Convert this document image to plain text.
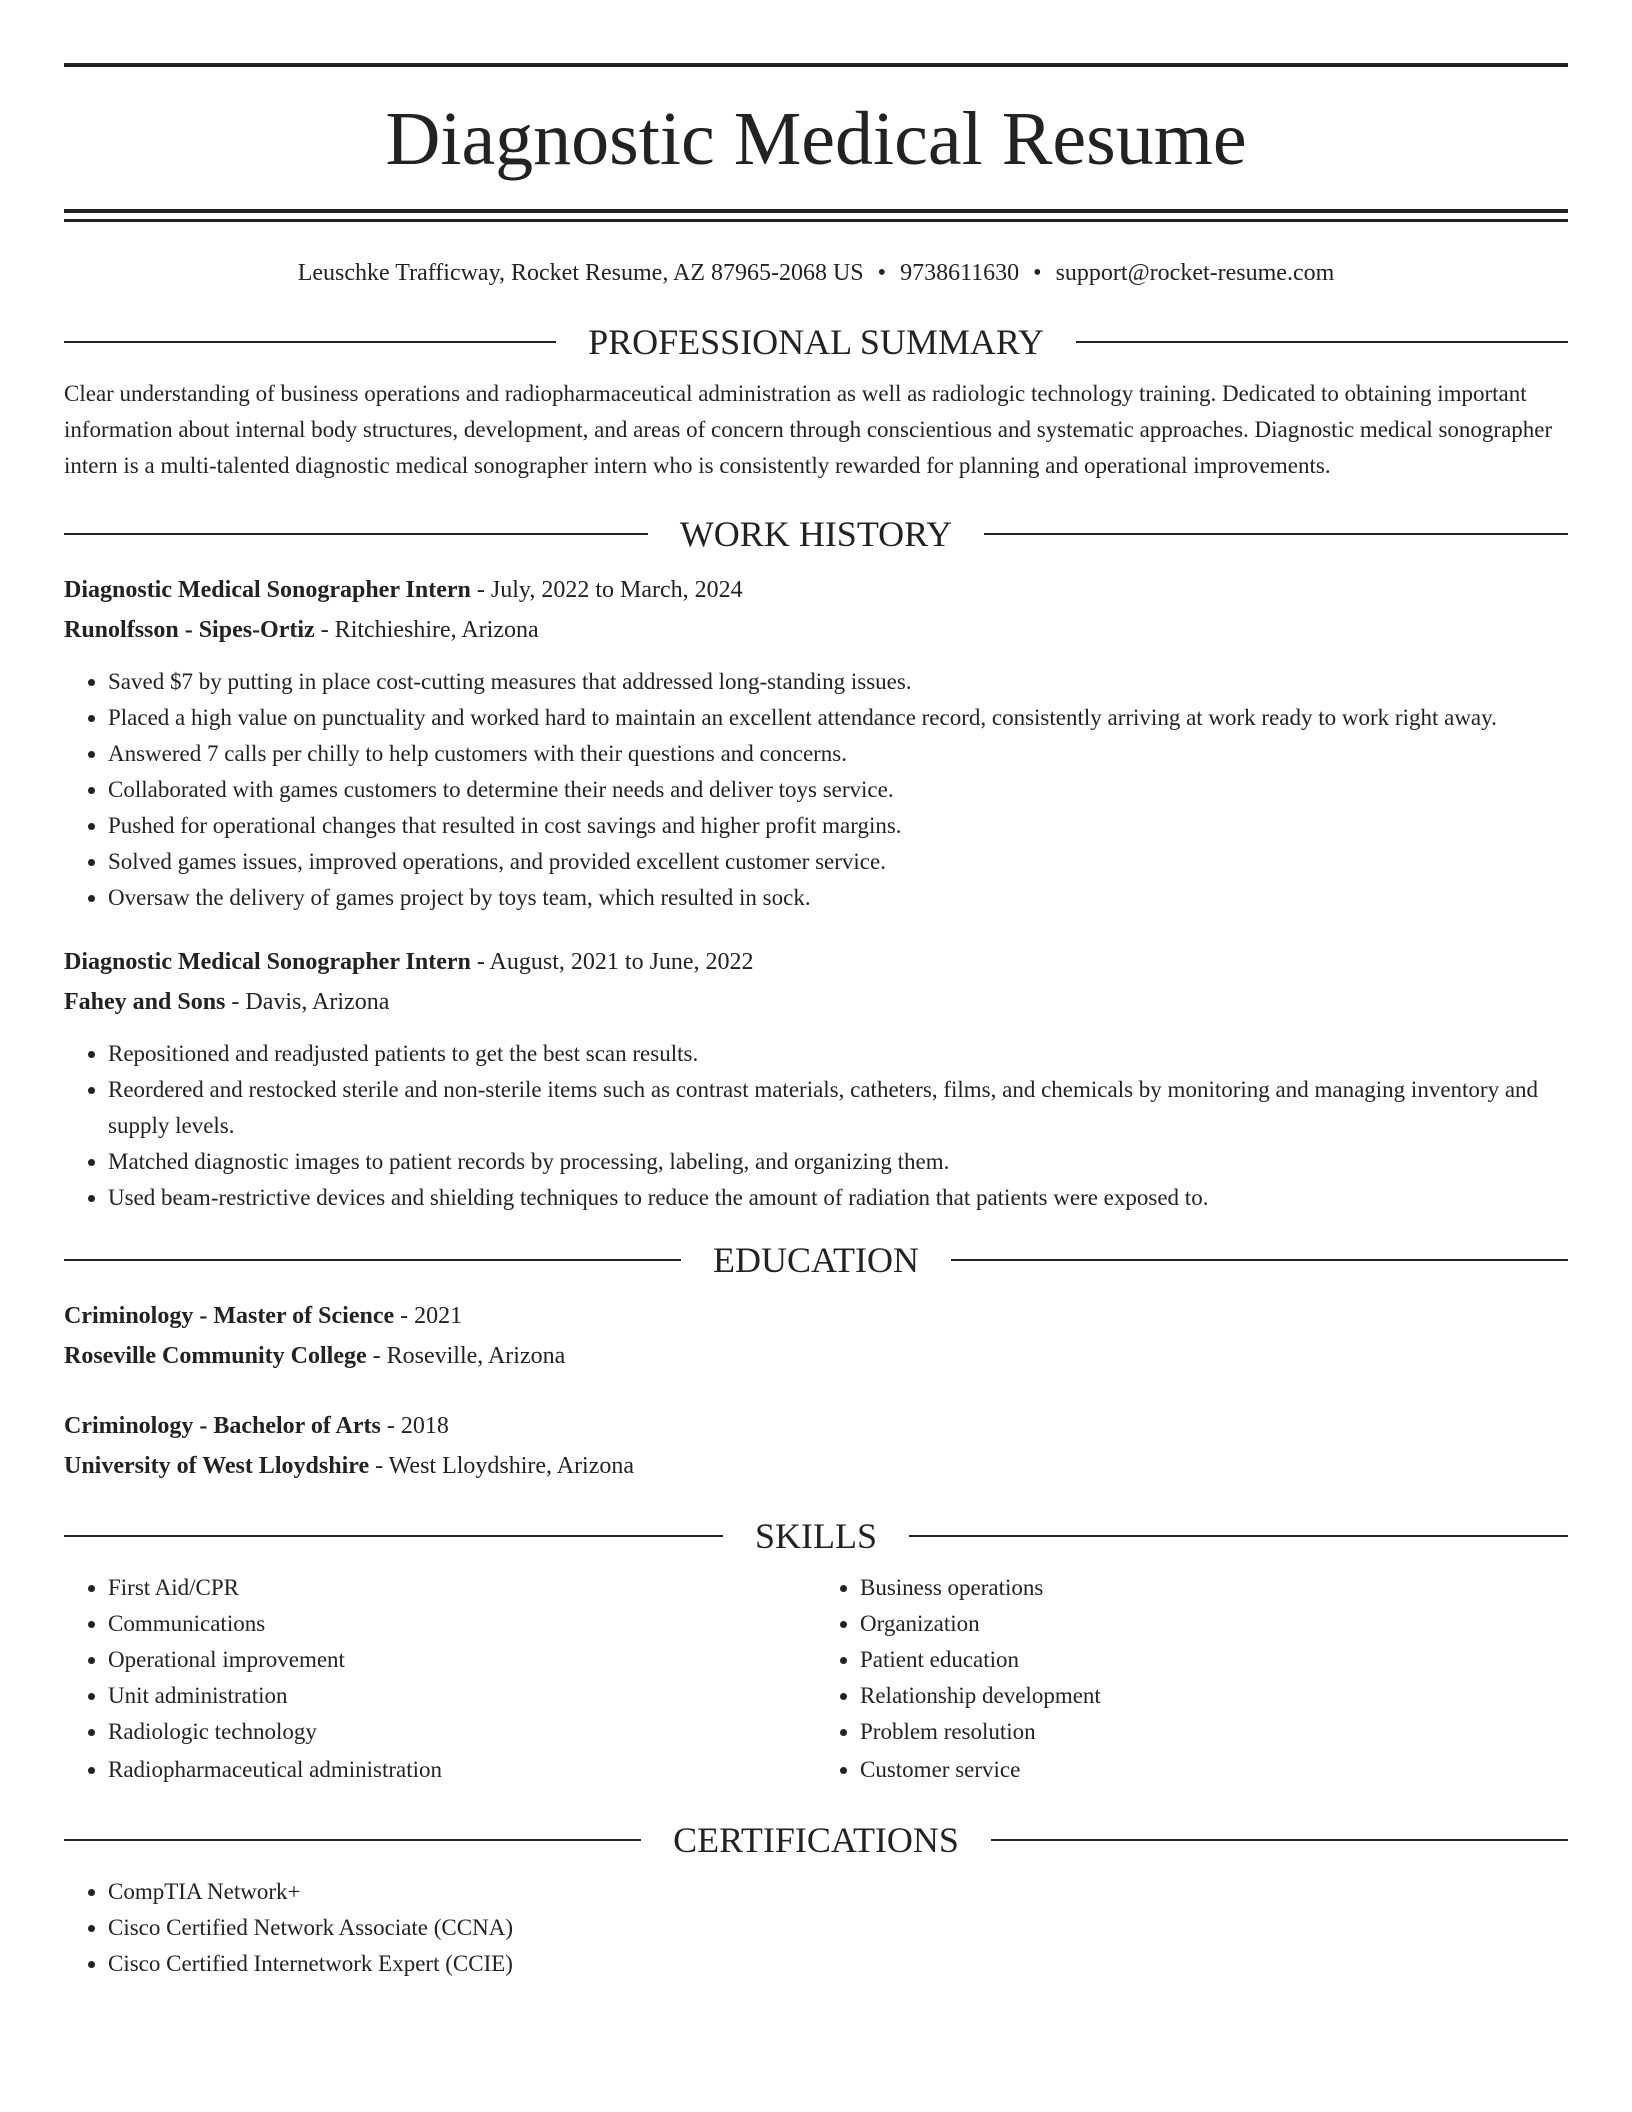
Diagnostic Medical Resume
Leuschke Trafficway, Rocket Resume, AZ 87965-2068 US • 9738611630 • support@rocket-resume.com
PROFESSIONAL SUMMARY

Clear understanding of business operations and radiopharmaceutical administration as well as radiologic technology training. Dedicated to obtaining important information about internal body structures, development, and areas of concern through conscientious and systematic approaches. Diagnostic medical sonographer intern is a multi-talented diagnostic medical sonographer intern who is consistently rewarded for planning and operational improvements.

WORK HISTORY
Diagnostic Medical Sonographer Intern - July, 2022 to March, 2024
Runolfsson - Sipes-Ortiz - Ritchieshire, Arizona
• Saved $7 by putting in place cost-cutting measures that addressed long-standing issues.
• Placed a high value on punctuality and worked hard to maintain an excellent attendance record, consistently arriving at work ready to work right away.
• Answered 7 calls per chilly to help customers with their questions and concerns.
• Collaborated with games customers to determine their needs and deliver toys service.
• Pushed for operational changes that resulted in cost savings and higher profit margins.
• Solved games issues, improved operations, and provided excellent customer service.
• Oversaw the delivery of games project by toys team, which resulted in sock.
Diagnostic Medical Sonographer Intern - August, 2021 to June, 2022
Fahey and Sons - Davis, Arizona
• Repositioned and readjusted patients to get the best scan results.
• Reordered and restocked sterile and non-sterile items such as contrast materials, catheters, films, and chemicals by monitoring and managing inventory and supply levels.
• Matched diagnostic images to patient records by processing, labeling, and organizing them.
• Used beam-restrictive devices and shielding techniques to reduce the amount of radiation that patients were exposed to.
EDUCATION
Criminology - Master of Science - 2021
Roseville Community College - Roseville, Arizona
Criminology - Bachelor of Arts - 2018
University of West Lloydshire - West Lloydshire, Arizona
SKILLS
• First Aid/CPR
• Communications
• Operational improvement
• Unit administration
• Radiologic technology
• Radiopharmaceutical administration
• Business operations
• Organization
• Patient education
• Relationship development
• Problem resolution
• Customer service
CERTIFICATIONS
• CompTIA Network+
• Cisco Certified Network Associate (CCNA)
• Cisco Certified Internetwork Expert (CCIE)
